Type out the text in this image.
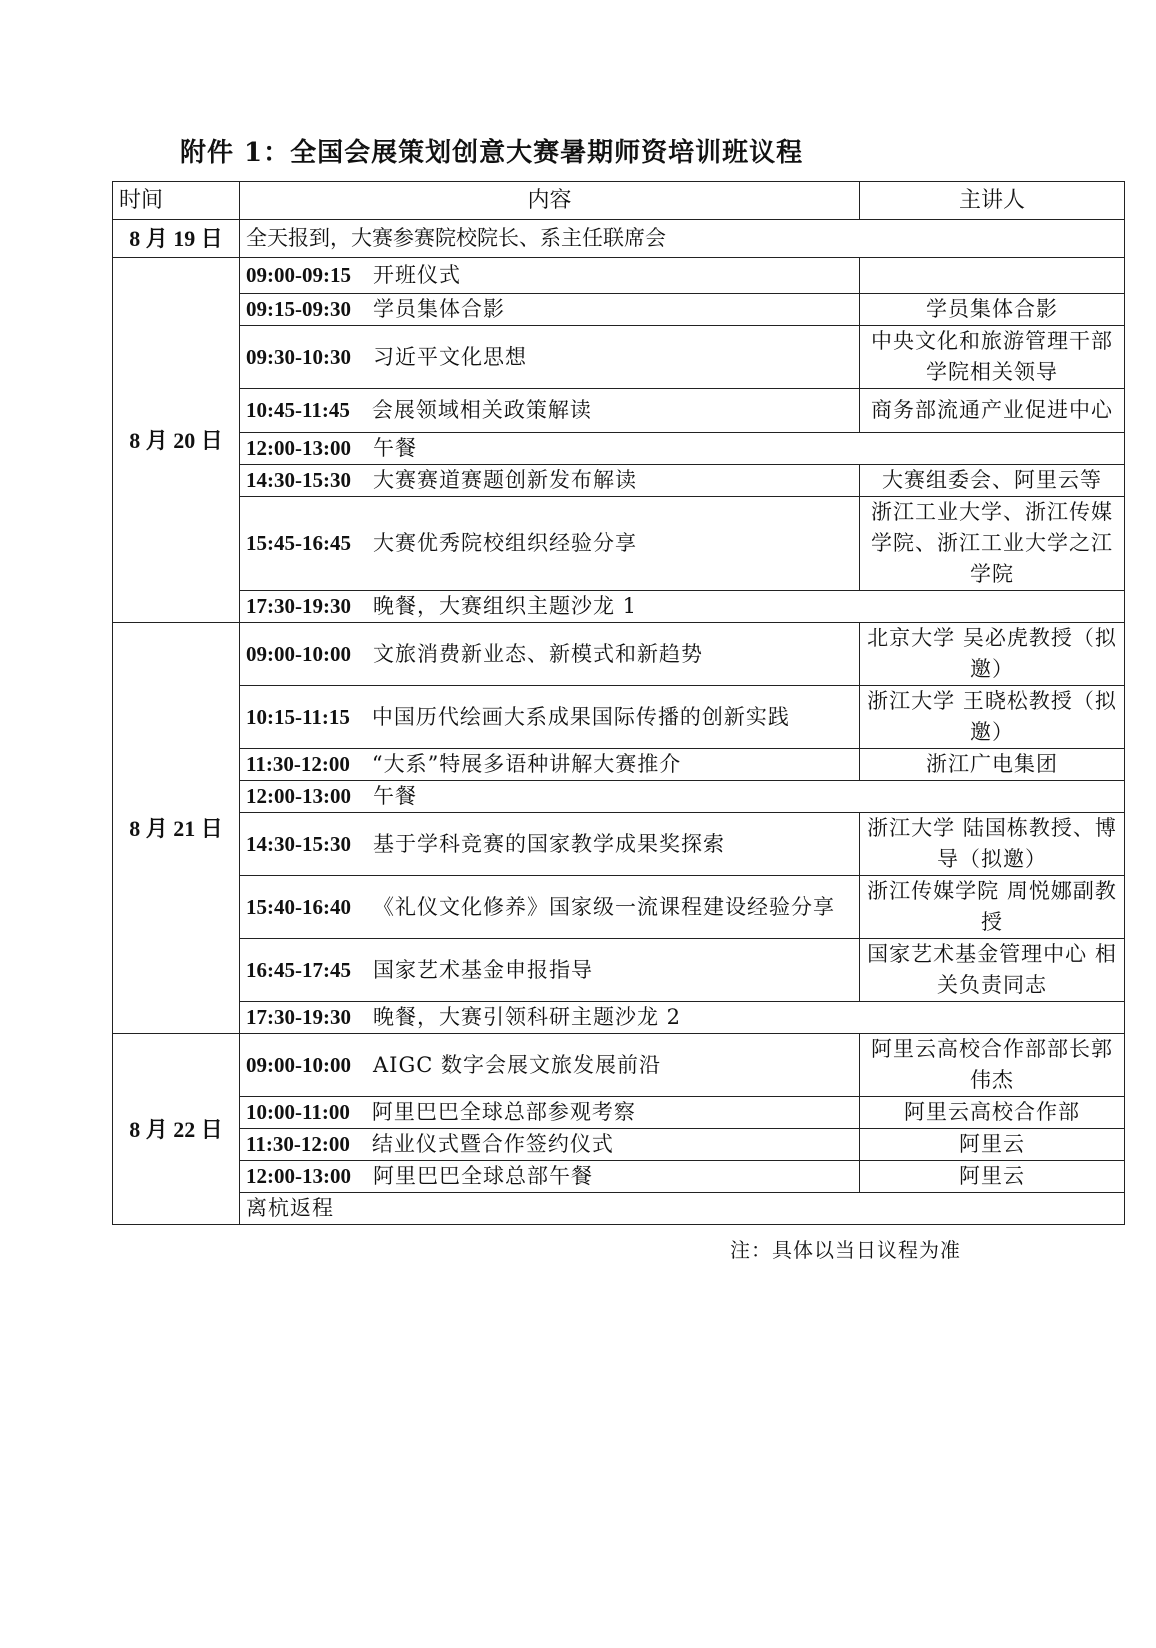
附件 1：全国会展策划创意大赛暑期师资培训班议程
时间	内容	主讲人
8 月 19 日	全天报到，大赛参赛院校院长、系主任联席会	
8 月 20 日	09:00-09:15 开班仪式	
	09:15-09:30 学员集体合影	学员集体合影
	09:30-10:30 习近平文化思想	中央文化和旅游管理干部学院相关领导
	10:45-11:45 会展领域相关政策解读	商务部流通产业促进中心
	12:00-13:00 午餐	
	14:30-15:30 大赛赛道赛题创新发布解读	大赛组委会、阿里云等
	15:45-16:45 大赛优秀院校组织经验分享	浙江工业大学、浙江传媒学院、浙江工业大学之江学院
	17:30-19:30 晚餐，大赛组织主题沙龙 1	
8 月 21 日	09:00-10:00 文旅消费新业态、新模式和新趋势	北京大学 吴必虎教授（拟邀）
	10:15-11:15 中国历代绘画大系成果国际传播的创新实践	浙江大学 王晓松教授（拟邀）
	11:30-12:00 “大系”特展多语种讲解大赛推介	浙江广电集团
	12:00-13:00 午餐	
	14:30-15:30 基于学科竞赛的国家教学成果奖探索	浙江大学 陆国栋教授、博导（拟邀）
	15:40-16:40 《礼仪文化修养》国家级一流课程建设经验分享	浙江传媒学院 周悦娜副教授
	16:45-17:45 国家艺术基金申报指导	国家艺术基金管理中心 相关负责同志
	17:30-19:30 晚餐，大赛引领科研主题沙龙 2	
8 月 22 日	09:00-10:00 AIGC 数字会展文旅发展前沿	阿里云高校合作部部长郭伟杰
	10:00-11:00 阿里巴巴全球总部参观考察	阿里云高校合作部
	11:30-12:00 结业仪式暨合作签约仪式	阿里云
	12:00-13:00 阿里巴巴全球总部午餐	阿里云
	离杭返程	
注：具体以当日议程为准
